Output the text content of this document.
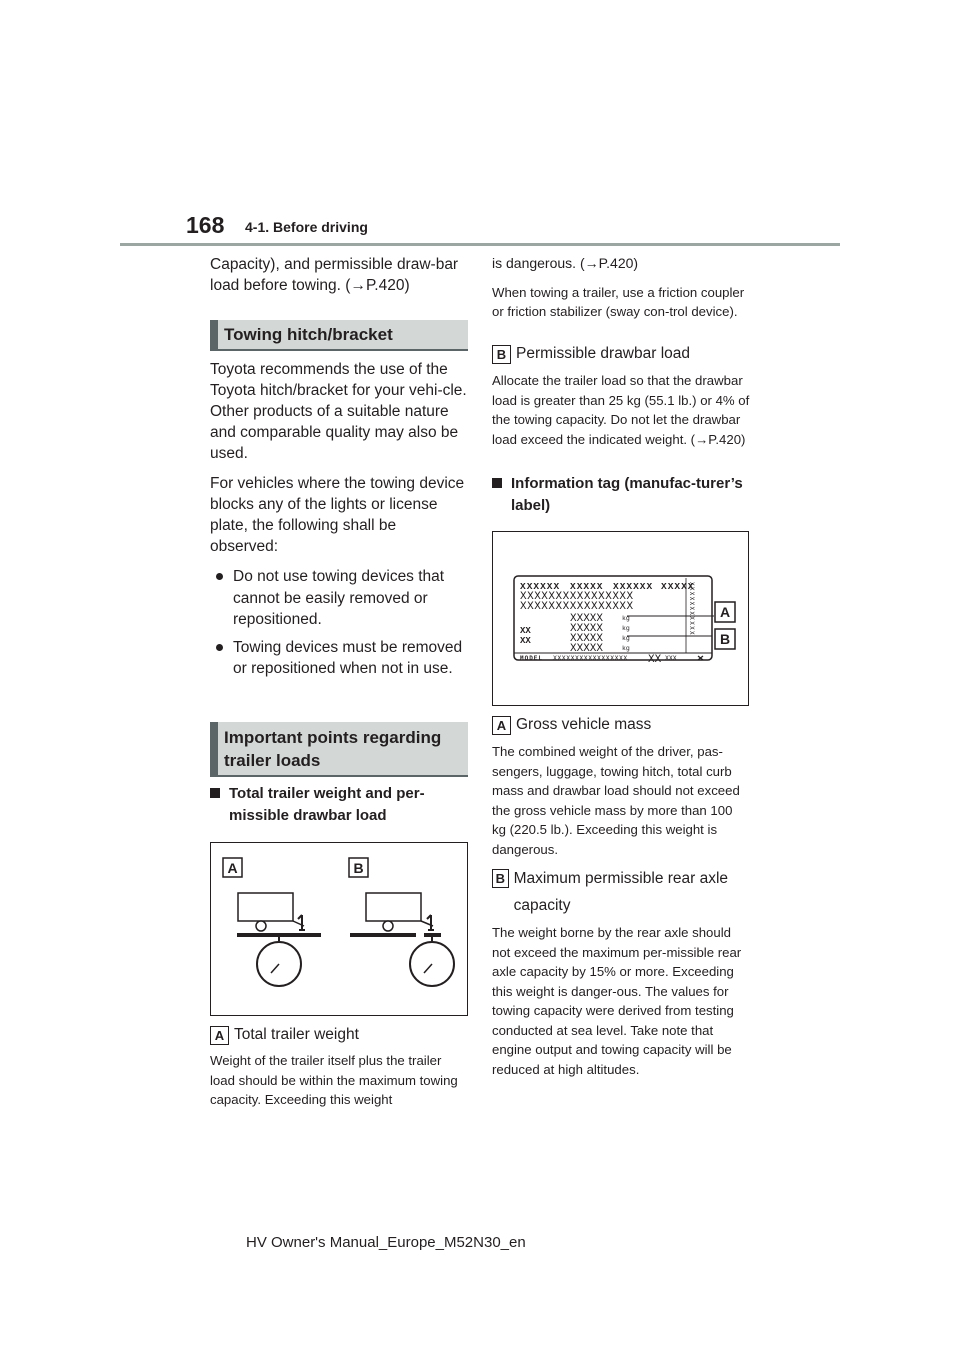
168 4-1. Before driving

Capacity), and permissible draw-bar load before towing. (→P.420)

Towing hitch/bracket

Toyota recommends the use of the Toyota hitch/bracket for your vehi-cle. Other products of a suitable nature and comparable quality may also be used.

For vehicles where the towing device blocks any of the lights or license plate, the following shall be observed:

Do not use towing devices that cannot be easily removed or repositioned.
Towing devices must be removed or repositioned when not in use.
Important points regarding trailer loads
Total trailer weight and per-missible drawbar load
A	B
A Total trailer weight

Weight of the trailer itself plus the trailer load should be within the maximum towing capacity. Exceeding this weight

is dangerous. (→P.420)

When towing a trailer, use a friction coupler or friction stabilizer (sway con-trol device).

B Permissible drawbar load

Allocate the trailer load so that the drawbar load is greater than 25 kg (55.1 lb.) or 4% of the towing capacity. Do not let the drawbar load exceed the indicated weight. (→P.420)

Information tag (manufac-turer’s label)
XXXXXX XXXXX XXXXXX XXXXX
XXXXXXXXXXXXXXXX
XXXXXXXXXXXXXXXX
XXXXX
XXXXX
XXXXX
XXXXX
kg
kg
kg
kg
XX
XX
MODEL XXXXXXXXXXXXXXXXX XX XXX
XXXXXXXXXXX A
B
A Gross vehicle mass

The combined weight of the driver, pas-sengers, luggage, towing hitch, total curb mass and drawbar load should not exceed the gross vehicle mass by more than 100 kg (220.5 lb.). Exceeding this weight is dangerous.

B Maximum permissible rear axle capacity

The weight borne by the rear axle should not exceed the maximum per-missible rear axle capacity by 15% or more. Exceeding this weight is danger-ous. The values for towing capacity were derived from testing conducted at sea level. Take note that engine output and towing capacity will be reduced at high altitudes.

HV Owner's Manual_Europe_M52N30_en
